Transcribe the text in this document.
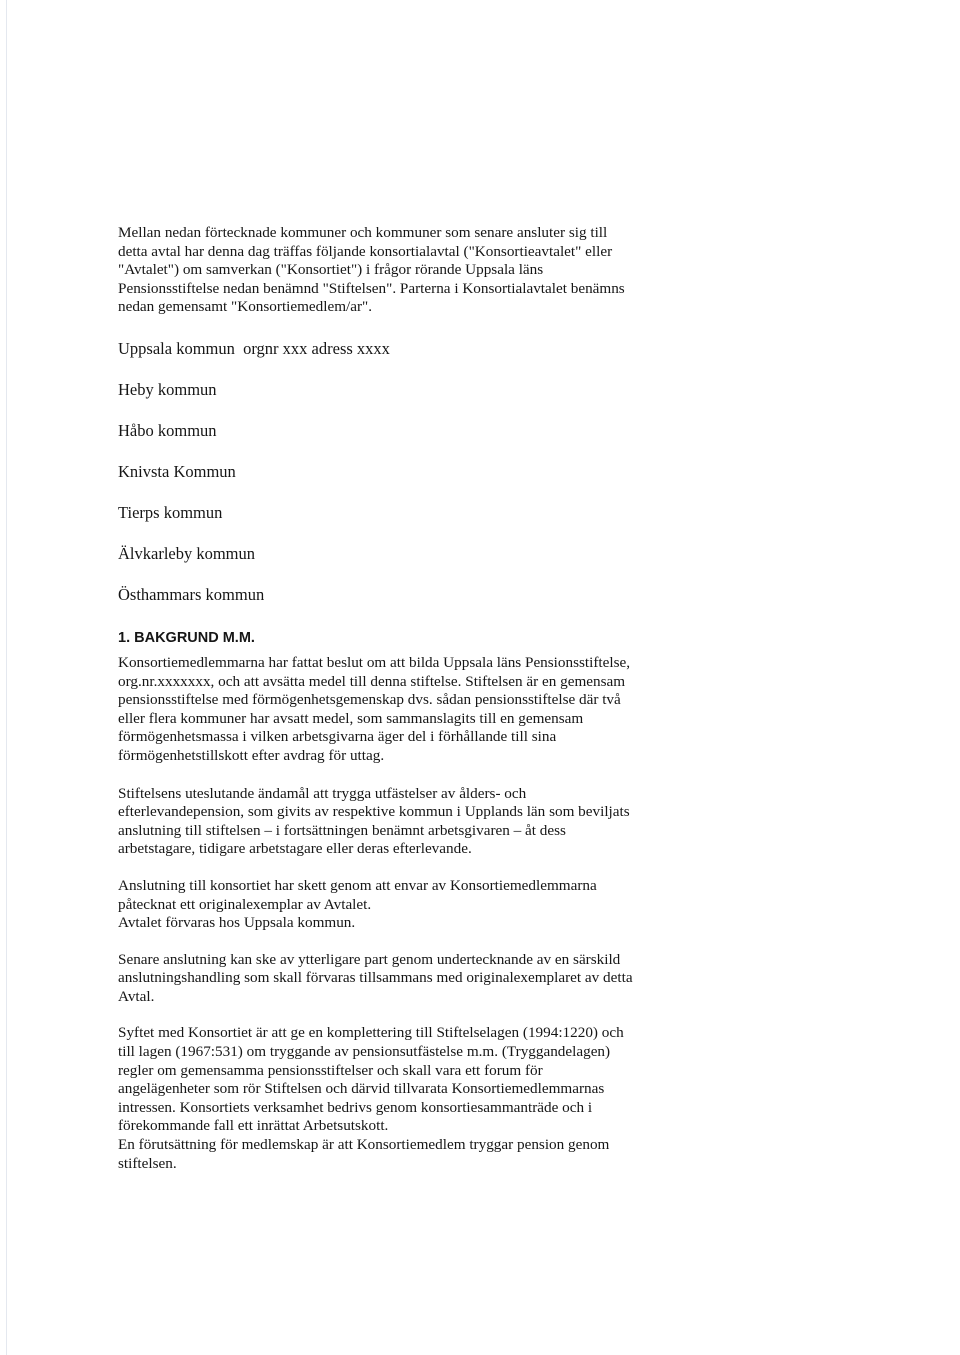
Mellan nedan förtecknade kommuner och kommuner som senare ansluter sig till
detta avtal har denna dag träffas följande konsortialavtal ("Konsortieavtalet" eller
"Avtalet") om samverkan ("Konsortiet") i frågor rörande Uppsala läns
Pensionsstiftelse nedan benämnd "Stiftelsen". Parterna i Konsortialavtalet benämns
nedan gemensamt "Konsortiemedlem/ar".

Uppsala kommun  orgnr xxx adress xxxx

Heby kommun

Håbo kommun

Knivsta Kommun

Tierps kommun

Älvkarleby kommun

Östhammars kommun

1. BAKGRUND M.M.

Konsortiemedlemmarna har fattat beslut om att bilda Uppsala läns Pensionsstiftelse,
org.nr.xxxxxxx, och att avsätta medel till denna stiftelse. Stiftelsen är en gemensam
pensionsstiftelse med förmögenhetsgemenskap dvs. sådan pensionsstiftelse där två
eller flera kommuner har avsatt medel, som sammanslagits till en gemensam
förmögenhetsmassa i vilken arbetsgivarna äger del i förhållande till sina
förmögenhetstillskott efter avdrag för uttag.

Stiftelsens uteslutande ändamål att trygga utfästelser av ålders- och
efterlevandepension, som givits av respektive kommun i Upplands län som beviljats
anslutning till stiftelsen – i fortsättningen benämnt arbetsgivaren – åt dess
arbetstagare, tidigare arbetstagare eller deras efterlevande.

Anslutning till konsortiet har skett genom att envar av Konsortiemedlemmarna
påtecknat ett originalexemplar av Avtalet.
Avtalet förvaras hos Uppsala kommun.

Senare anslutning kan ske av ytterligare part genom undertecknande av en särskild
anslutningshandling som skall förvaras tillsammans med originalexemplaret av detta
Avtal.

Syftet med Konsortiet är att ge en komplettering till Stiftelselagen (1994:1220) och
till lagen (1967:531) om tryggande av pensionsutfästelse m.m. (Tryggandelagen)
regler om gemensamma pensionsstiftelser och skall vara ett forum för
angelägenheter som rör Stiftelsen och därvid tillvarata Konsortiemedlemmarnas
intressen. Konsortiets verksamhet bedrivs genom konsortiesammanträde och i
förekommande fall ett inrättat Arbetsutskott.
En förutsättning för medlemskap är att Konsortiemedlem tryggar pension genom
stiftelsen.
